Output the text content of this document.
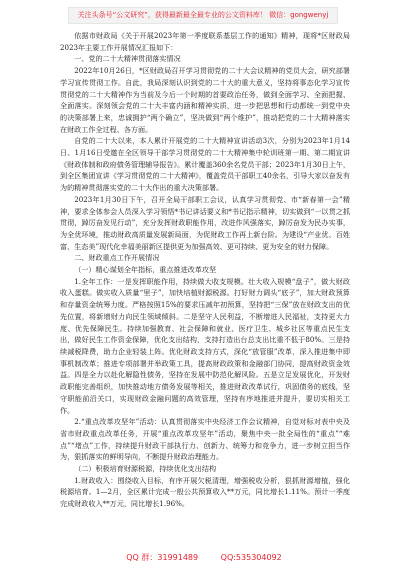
关注头条号“公文研究”，获得最新最全最专业的公文资料库！ 微信：gongwenyj

依据市财政局《关于开展2023年第一季度联系基层工作的通知》精神，现将*区财政局2023年主要工作开展情况汇报如下：

一、党的二十大精神贯彻落实情况

2022年10月26日，*区财政局召开学习贯彻党的二十大会议精神的党员大会，研究部署学习宣传贯彻工作。自此，我局深刻认识到党的二十大的重大意义，坚持将事态化学习宣传贯彻党的二十大精神作为当前及今后一个时期的首要政治任务，做到全面学习、全面把握、全面落实。深刻领会党的二十大丰富内涵和精神实质，进一步把思想和行动都统一到党中央的决策部署上来，忠诚拥护“两个确立”，坚决做到“两个维护”，推动把党的二十大精神落实在财政工作全过程、各方面。

自党的二十大以来，本人累计开展党的二十大精神宣讲活动3次，分别为2023年1月14日、1月16日受邀在全区领导干部学习贯彻党的二十大精神集中轮训班第一期、第二期宣讲《财政体制和政府债务管理辅导报告》。累计覆盖360余名党员干部；2023年1月30日上午，到全区集团宣讲《学习贯彻党的二十大精神》，覆盖党员干部职工40余名，引导大家以奋发有为的精神贯彻落实党的二十大作出的重大决策部署。

2023年1月30日下午，召开全局干部职工会议，认真学习贯彻党、市“新春第一会”精神，要求全体参会人员深入学习领悟*书记讲话要义和*书记指示精神，切实做到“一以贯之抓贯彻，踔厉奋发见行动”，充分发挥财政职能作用，改进作风强落实，踔厉奋发为民办实事，为全优环境，推动财政高质量发展新局面，为促财政工作再上新台阶。为建设“产业优、百姓富、生态美”现代化幸福美丽新区提供更为加强高效、更可持续、更为安全的财力保障。

二、财政重点工作开展情况

（一）精心谋划全年指标，重点推进改革攻坚

1.全年工作：一是发挥职能作用，持续做大收支规模。壮大收入规模“盘子”，做大财政收入蛋糕。做实收入质量“里子”，加快培植财源税源。打好财力调头“底子”，加大财政预算和存量资金统筹力度。严格按照15%的要求压减年初预算，坚持把“三保”放在财政支出的优先位置，将新增财力向民生领域倾斜。二是坚守人民利益，不断增进人民福祉，支持更大力度、优先保障民生。持续加强教育、社会保障和就业、医疗卫生、城乡社区等重点民生支出，做好民生工作资金保障，优化支出结构，支持打造出台总支出比重不低于80%。三是持续减税降费，助力企业轻装上阵。优化财政支持方式，深化“放管服”改革，深入推进集中即事机制改革；推进专项部署并举政策工具，提高财政政策和金融部门协同，提高财政资金效益。四是全力以赴化解隐性债务，坚持在发展中防范化解风险。五是立足发展优化，开发财政职能完善组织，加快推动地方债务发展等相关，推进财政改革试行，巩固债务的底线，坚守职能前沿关口，实现财政金融问题的高效管理，坚持有序地推进并提升，要切实相关工作。

2.“重点改革攻坚年”活动：认真贯彻落实中央经济工作会议精神，自觉对标对表中央及省市财政重点改革任务，开展“重点改革攻坚年”活动，聚焦中央一批全局性的“重点”“难点”“堵点”工作，持续提升财政干部执行力、创新力、统筹力和竞争力，进一步树立担当作为，狠抓落实的鲜明导向，不断提升财政治理能力。

（二）积极培育财源税源，持续优化支出结构

1.财政收入：围绕收入目标，有序开展欠税清理，增强税收分析，狠抓财源增植，强化税源培育。1—2月，全区累计完成一般公共预算收入**万元，同比增长1.11%。预计一季度完成财政收入**万元，同比增长1.96%。

QQ 群：31991489	QQ:535304092
